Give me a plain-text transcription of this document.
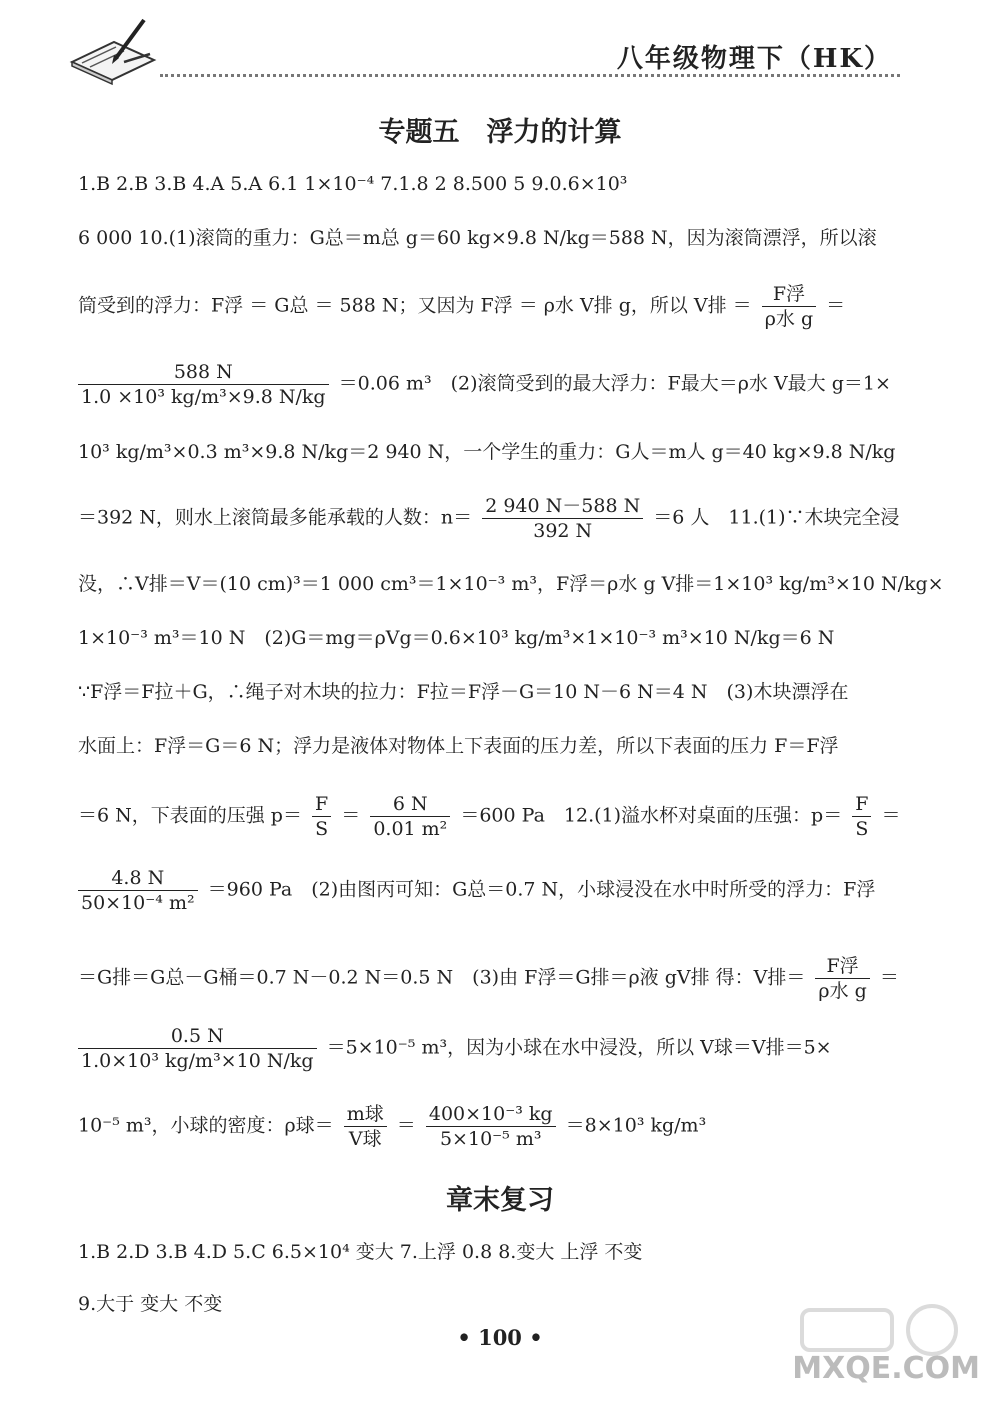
八年级物理下（HK）
专题五　浮力的计算
1.B 2.B 3.B 4.A 5.A 6.1 1×10⁻⁴ 7.1.8 2 8.500 5 9.0.6×10³
6 000 10.(1)滚筒的重力：G总＝m总 g＝60 kg×9.8 N/kg＝588 N，因为滚筒漂浮，所以滚
筒受到的浮力：F浮 ＝ G总 ＝ 588 N；又因为 F浮 ＝ ρ水 V排 g，所以 V排 ＝ $\frac{\text{F浮}}{\text{ρ水 g}}$ ＝
$\frac{588 N}{\text{1.0 ×10³ kg/m³×9.8 N/kg}} =0.06$ m³　(2)滚筒受到的最大浮力：F最大＝ρ水 V最大 g＝1×
10³ kg/m³×0.3 m³×9.8 N/kg＝2 940 N，一个学生的重力：G人＝m人 g＝40 kg×9.8 N/kg
＝392 N，则水上滚筒最多能承载的人数：$n= \frac{2 940 N-588 N}{392 N} =6$ 人　11.(1)∵木块完全浸
没，∴V排＝V＝(10 cm)³＝1 000 cm³＝1×10⁻³ m³，F浮＝ρ水 g V排＝1×10³ kg/m³×10 N/kg×
1×10⁻³ m³＝10 N　(2)G＝mg＝ρVg＝0.6×10³ kg/m³×1×10⁻³ m³×10 N/kg＝6 N
∵F浮＝F拉＋G，∴绳子对木块的拉力：F拉＝F浮－G＝10 N－6 N＝4 N　(3)木块漂浮在
水面上：F浮＝G＝6 N；浮力是液体对物体上下表面的压力差，所以下表面的压力 F＝F浮
＝6 N，下表面的压强 $p= \frac{F}{S} = \frac{6 N}{\text{0.01 m²}} =600$ Pa　12.(1)溢水杯对桌面的压强：$p= \frac{F}{S}$ ＝
$\frac{4.8 N}{\text{50×10⁻⁴ m²}} =960$ Pa　(2)由图丙可知：G总＝0.7 N，小球浸没在水中时所受的浮力：F浮
＝G排＝G总－G桶＝0.7 N－0.2 N＝0.5 N　(3)由 F浮＝G排＝ρ液 gV排 得：V排＝ $\frac{\text{F浮}}{\text{ρ水 g}}$ ＝
$\frac{0.5 N}{\text{1.0×10³ kg/m³×10 N/kg}} =5\times 10^{-5}$ m³，因为小球在水中浸没，所以 V球＝V排＝5×
10⁻⁵ m³，小球的密度：ρ球＝ $\frac{\text{m球}}{\text{V球}} = \frac{\text{400×10⁻³ kg}}{\text{5×10⁻⁵ m³}} =8\times 10^3$ kg/m³
章末复习
1.B 2.D 3.B 4.D 5.C 6.5×10⁴ 变大 7.上浮 0.8 8.变大 上浮 不变
9.大于 变大 不变
• 100 •
MXQE.COM
